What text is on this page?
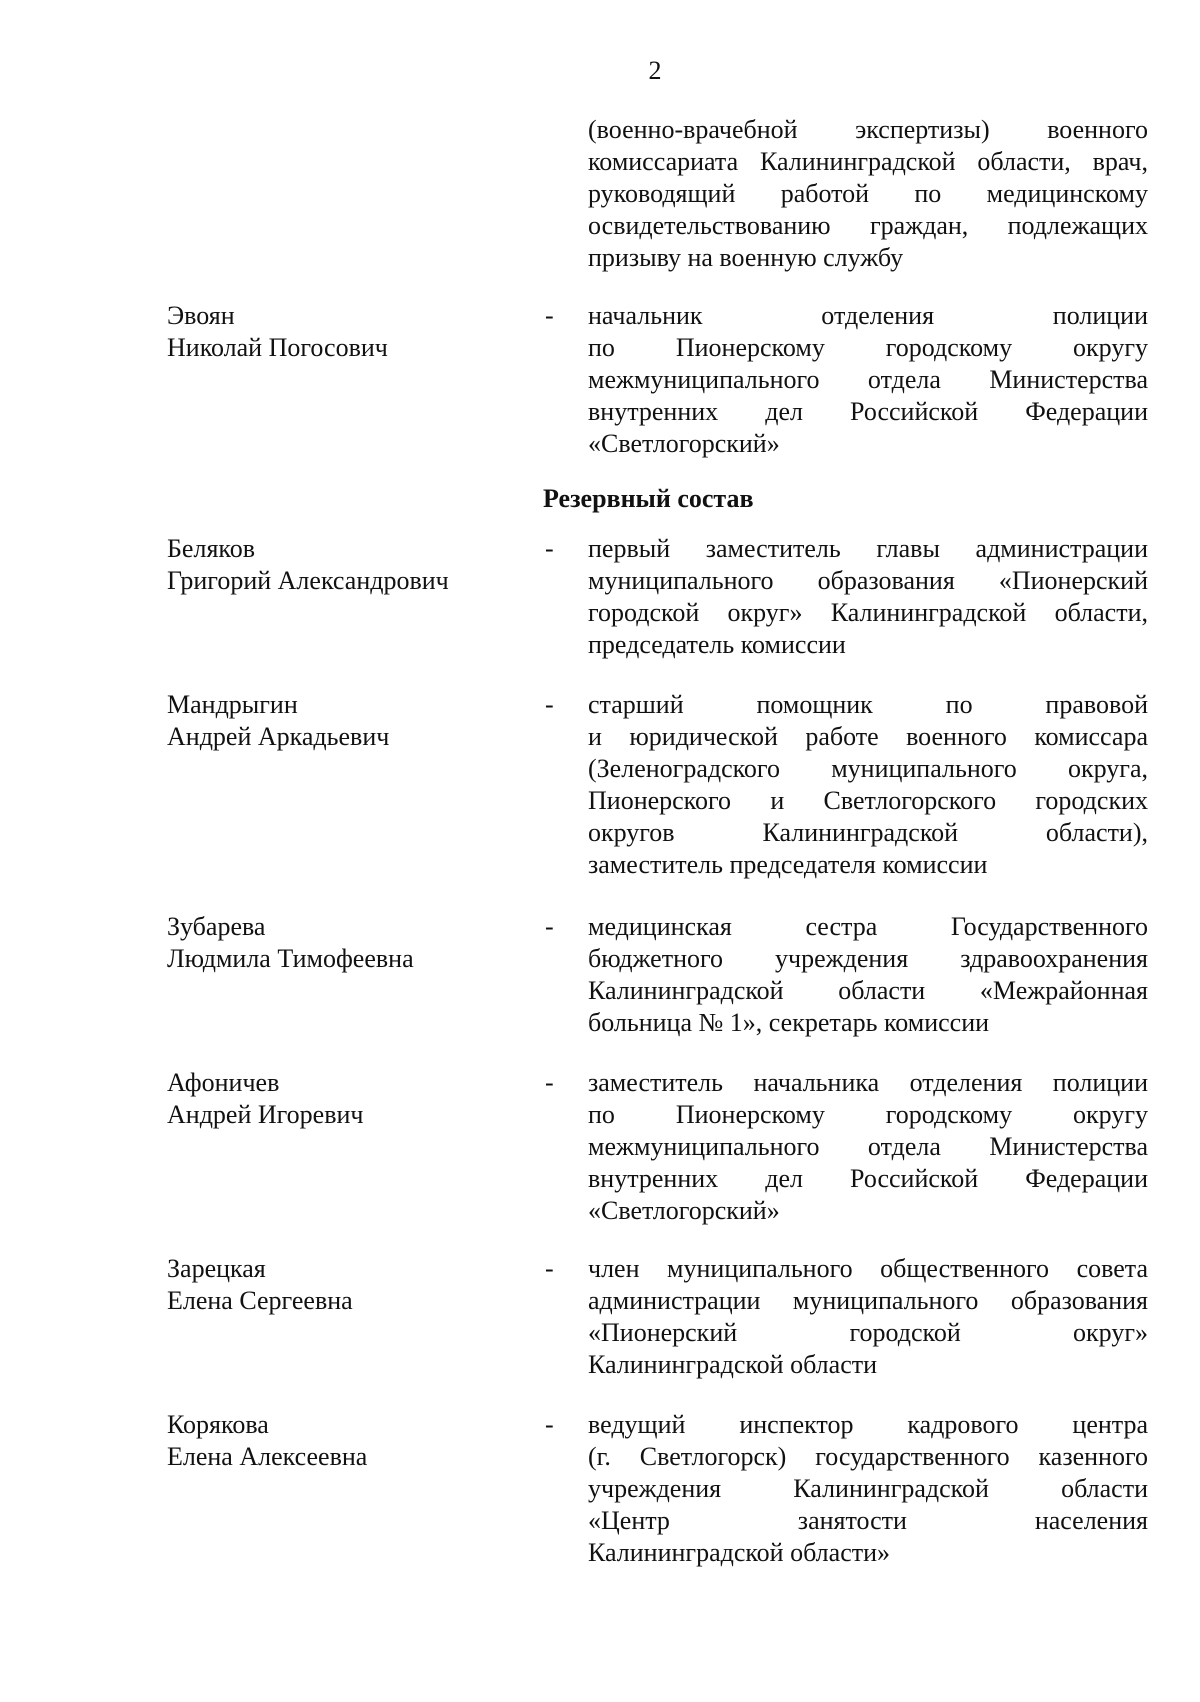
2
(военно-врачебной экспертизы) военного
комиссариата Калининградской области, врач,
руководящий работой по медицинскому
освидетельствованию граждан, подлежащих
призыву на военную службу
Эвоян
Николай Погосович
- начальник отделения полиции
по Пионерскому городскому округу
межмуниципального отдела Министерства
внутренних дел Российской Федерации
«Светлогорский»
Резервный состав
Беляков
Григорий Александрович
- первый заместитель главы администрации
муниципального образования «Пионерский
городской округ» Калининградской области,
председатель комиссии
Мандрыгин
Андрей Аркадьевич
- старший помощник по правовой
и юридической работе военного комиссара
(Зеленоградского муниципального округа,
Пионерского и Светлогорского городских
округов Калининградской области),
заместитель председателя комиссии
Зубарева
Людмила Тимофеевна
- медицинская сестра Государственного
бюджетного учреждения здравоохранения
Калининградской области «Межрайонная
больница № 1», секретарь комиссии
Афоничев
Андрей Игоревич
- заместитель начальника отделения полиции
по Пионерскому городскому округу
межмуниципального отдела Министерства
внутренних дел Российской Федерации
«Светлогорский»
Зарецкая
Елена Сергеевна
- член муниципального общественного совета
администрации муниципального образования
«Пионерский городской округ»
Калининградской области
Корякова
Елена Алексеевна
- ведущий инспектор кадрового центра
(г. Светлогорск) государственного казенного
учреждения Калининградской области
«Центр занятости населения
Калининградской области»
